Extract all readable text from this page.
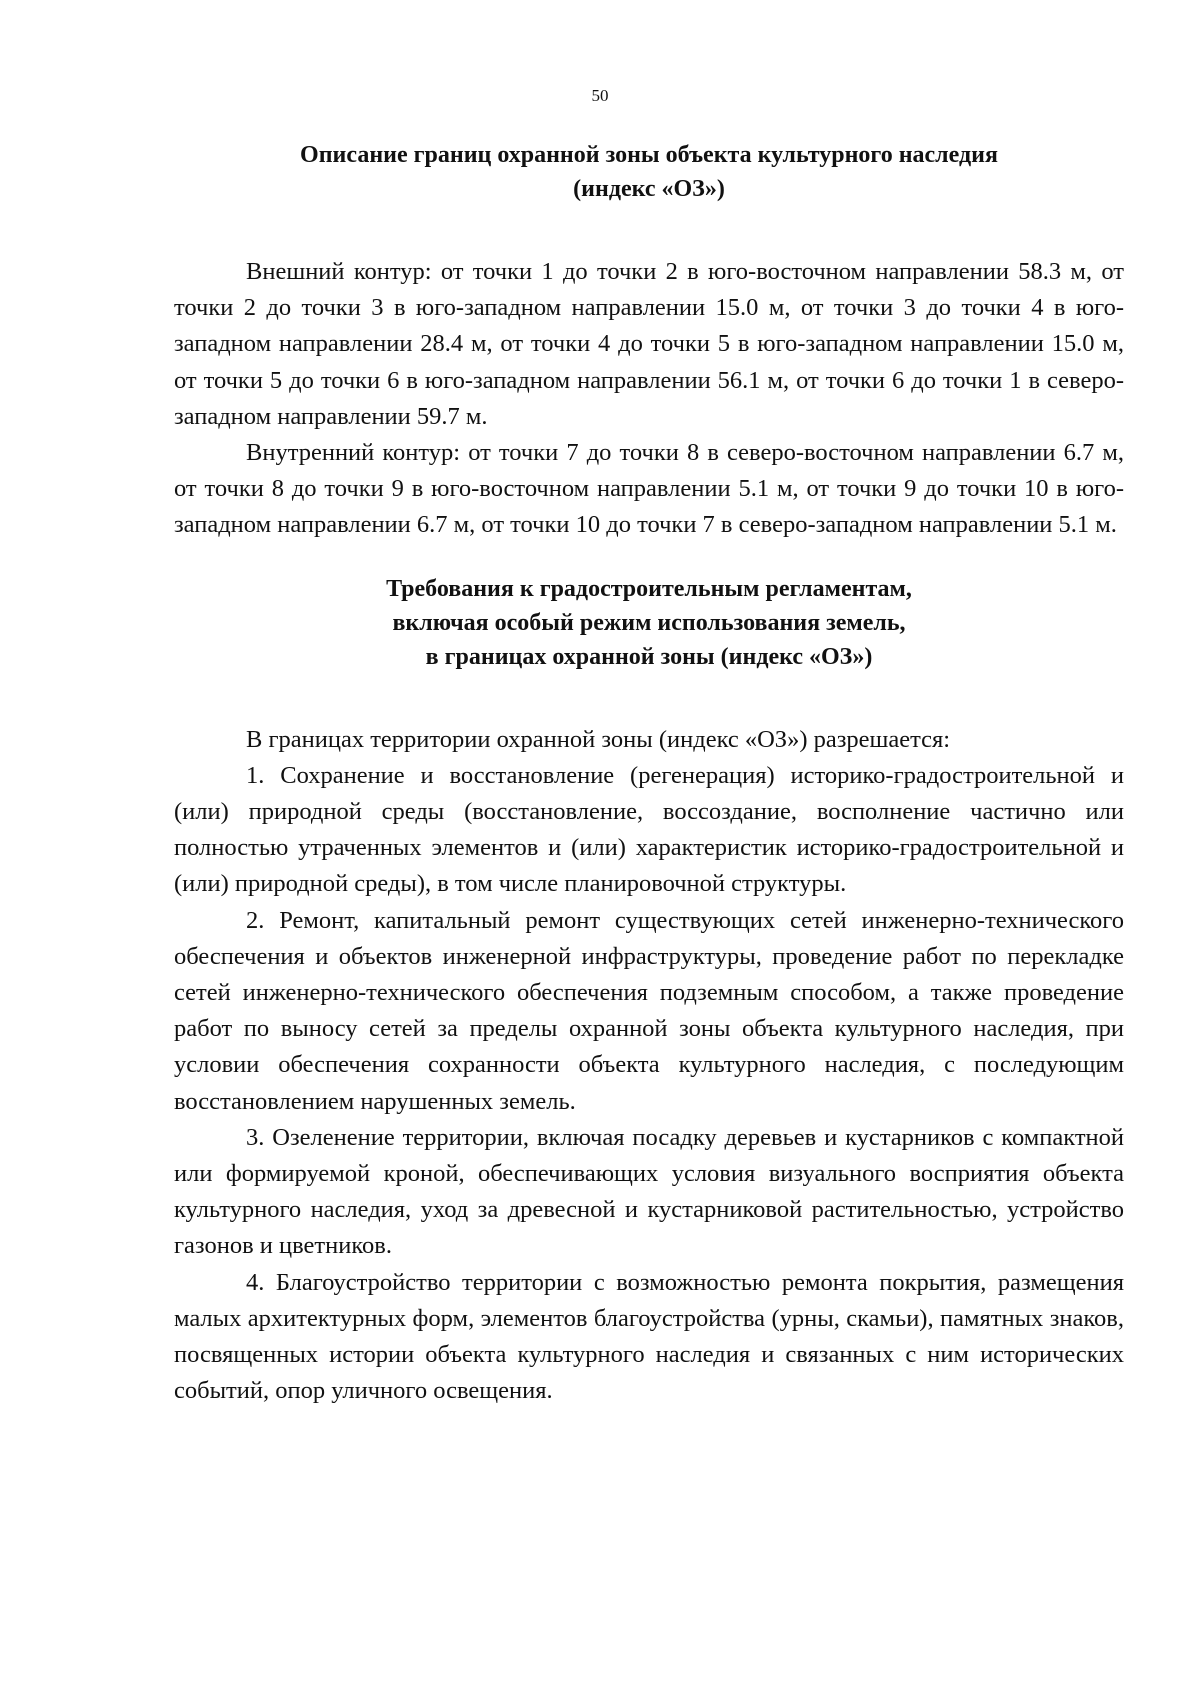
50
Описание границ охранной зоны объекта культурного наследия
(индекс «ОЗ»)

Внешний контур: от точки 1 до точки 2 в юго-восточном направлении 58.3 м, от точки 2 до точки 3 в юго-западном направлении 15.0 м, от точки 3 до точки 4 в юго-западном направлении 28.4 м, от точки 4 до точки 5 в юго-западном направлении 15.0 м, от точки 5 до точки 6 в юго-западном направлении 56.1 м, от точки 6 до точки 1 в северо-западном направлении 59.7 м.

Внутренний контур: от точки 7 до точки 8 в северо-восточном направлении 6.7 м, от точки 8 до точки 9 в юго-восточном направлении 5.1 м, от точки 9 до точки 10 в юго-западном направлении 6.7 м, от точки 10 до точки 7 в северо-западном направлении 5.1 м.

Требования к градостроительным регламентам,
включая особый режим использования земель,
в границах охранной зоны (индекс «ОЗ»)

В границах территории охранной зоны (индекс «ОЗ») разрешается:

1. Сохранение и восстановление (регенерация) историко-градостроительной и (или) природной среды (восстановление, воссоздание, восполнение частично или полностью утраченных элементов и (или) характеристик историко-градостроительной и (или) природной среды), в том числе планировочной структуры.

2. Ремонт, капитальный ремонт существующих сетей инженерно-технического обеспечения и объектов инженерной инфраструктуры, проведение работ по перекладке сетей инженерно-технического обеспечения подземным способом, а также проведение работ по выносу сетей за пределы охранной зоны объекта культурного наследия, при условии обеспечения сохранности объекта культурного наследия, с последующим восстановлением нарушенных земель.

3. Озеленение территории, включая посадку деревьев и кустарников с компактной или формируемой кроной, обеспечивающих условия визуального восприятия объекта культурного наследия, уход за древесной и кустарниковой растительностью, устройство газонов и цветников.

4. Благоустройство территории с возможностью ремонта покрытия, размещения малых архитектурных форм, элементов благоустройства (урны, скамьи), памятных знаков, посвященных истории объекта культурного наследия и связанных с ним исторических событий, опор уличного освещения.
